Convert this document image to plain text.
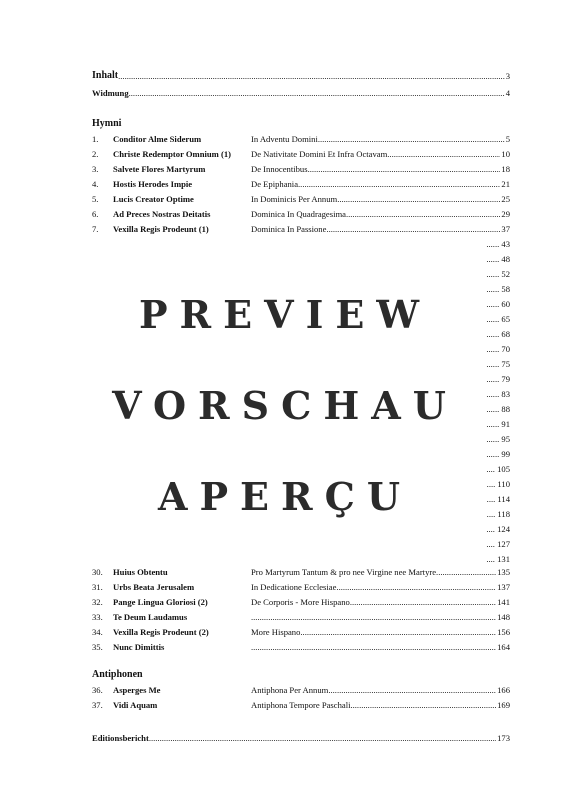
Inhalt .....	3
Widmung .....	4
Hymni
1. Conditor Alme Siderum	In Adventu Domini .....	5
2. Christe Redemptor Omnium (1)	De Nativitate Domini Et Infra Octavam .....	10
3. Salvete Flores Martyrum	De Innocentibus .....	18
4. Hostis Herodes Impie	De Epiphania .....	21
5. Lucis Creator Optime	In Dominicis Per Annum .....	25
6. Ad Preces Nostras Deitatis	Dominica In Quadragesima .....	29
7. Vexilla Regis Prodeunt (1)	Dominica In Passione .....	37
...... 43
...... 48
...... 52
...... 58
...... 60
...... 65
...... 68
...... 70
...... 75
...... 79
...... 83
...... 88
...... 91
...... 95
...... 99
.... 105
.... 110
.... 114
.... 118
.... 124
.... 127
.... 131
PREVIEW
VORSCHAU
APERÇU
30. Huius Obtentu	Pro Martyrum Tantum & pro nee Virgine nee Martyre. .....	135
31. Urbs Beata Jerusalem	In Dedicatione Ecclesiae .....	137
32. Pange Lingua Gloriosi (2)	De Corporis - More Hispano .....	141
33. Te Deum Laudamus .....	148
34. Vexilla Regis Prodeunt (2)	More Hispano .....	156
35. Nunc Dimittis .....	164
Antiphonen
36. Asperges Me	Antiphona Per Annum .....	166
37. Vidi Aquam	Antiphona Tempore Paschali .....	169
Editionsbericht .....	173
